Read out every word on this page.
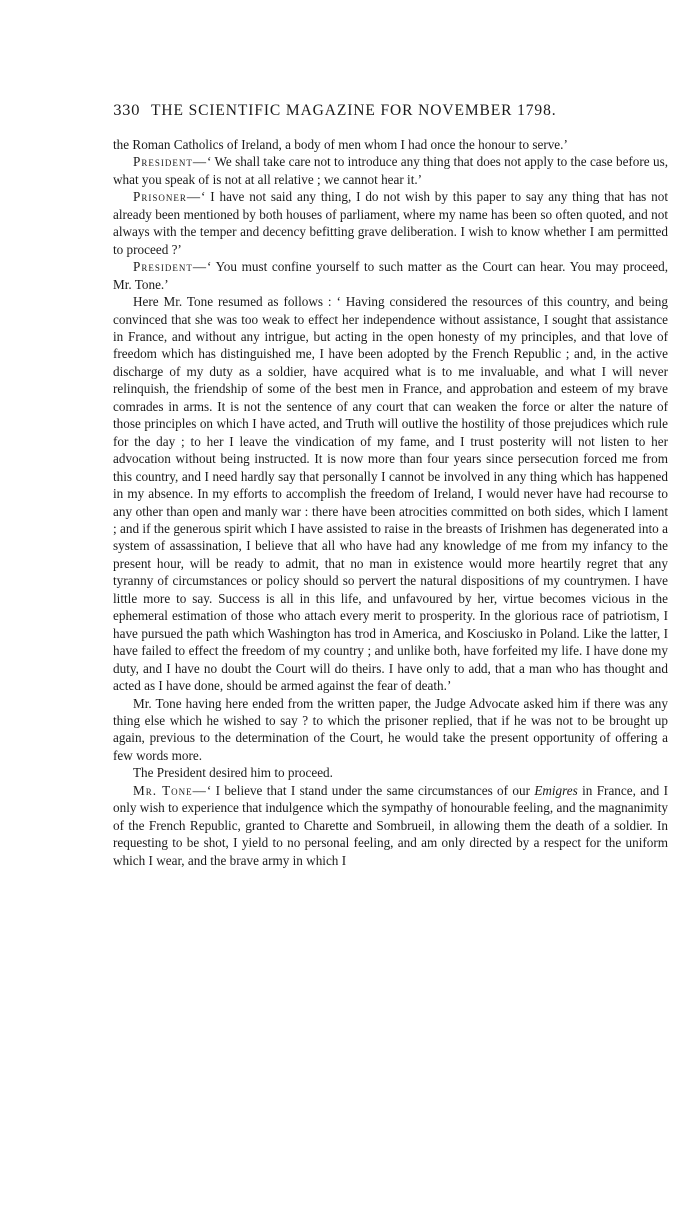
330 THE SCIENTIFIC MAGAZINE FOR NOVEMBER 1798.

the Roman Catholics of Ireland, a body of men whom I had once the honour to serve.’

President—‘ We shall take care not to introduce any thing that does not apply to the case before us, what you speak of is not at all relative ; we cannot hear it.’

Prisoner—‘ I have not said any thing, I do not wish by this paper to say any thing that has not already been mentioned by both houses of parliament, where my name has been so often quoted, and not always with the temper and decency befitting grave deliberation. I wish to know whether I am permitted to proceed ?’

President—‘ You must confine yourself to such matter as the Court can hear. You may proceed, Mr. Tone.’

Here Mr. Tone resumed as follows : ‘ Having considered the resources of this country, and being convinced that she was too weak to effect her independence without assistance, I sought that assistance in France, and without any intrigue, but acting in the open honesty of my principles, and that love of freedom which has distinguished me, I have been adopted by the French Republic ; and, in the active discharge of my duty as a soldier, have acquired what is to me invaluable, and what I will never relinquish, the friendship of some of the best men in France, and approbation and esteem of my brave comrades in arms. It is not the sentence of any court that can weaken the force or alter the nature of those principles on which I have acted, and Truth will outlive the hostility of those prejudices which rule for the day ; to her I leave the vindication of my fame, and I trust posterity will not listen to her advocation without being instructed. It is now more than four years since persecution forced me from this country, and I need hardly say that personally I cannot be involved in any thing which has happened in my absence. In my efforts to accomplish the freedom of Ireland, I would never have had recourse to any other than open and manly war : there have been atrocities committed on both sides, which I lament ; and if the generous spirit which I have assisted to raise in the breasts of Irishmen has degenerated into a system of assassination, I believe that all who have had any knowledge of me from my infancy to the present hour, will be ready to admit, that no man in existence would more heartily regret that any tyranny of circumstances or policy should so pervert the natural dispositions of my countrymen. I have little more to say. Success is all in this life, and unfavoured by her, virtue becomes vicious in the ephemeral estimation of those who attach every merit to prosperity. In the glorious race of patriotism, I have pursued the path which Washington has trod in America, and Kosciusko in Poland. Like the latter, I have failed to effect the freedom of my country ; and unlike both, have forfeited my life. I have done my duty, and I have no doubt the Court will do theirs. I have only to add, that a man who has thought and acted as I have done, should be armed against the fear of death.’

Mr. Tone having here ended from the written paper, the Judge Advocate asked him if there was any thing else which he wished to say ? to which the prisoner replied, that if he was not to be brought up again, previous to the determination of the Court, he would take the present opportunity of offering a few words more.

The President desired him to proceed.

Mr. Tone—‘ I believe that I stand under the same circumstances of our Emigres in France, and I only wish to experience that indulgence which the sympathy of honourable feeling, and the magnanimity of the French Republic, granted to Charette and Sombrueil, in allowing them the death of a soldier. In requesting to be shot, I yield to no personal feeling, and am only directed by a respect for the uniform which I wear, and the brave army in which I
